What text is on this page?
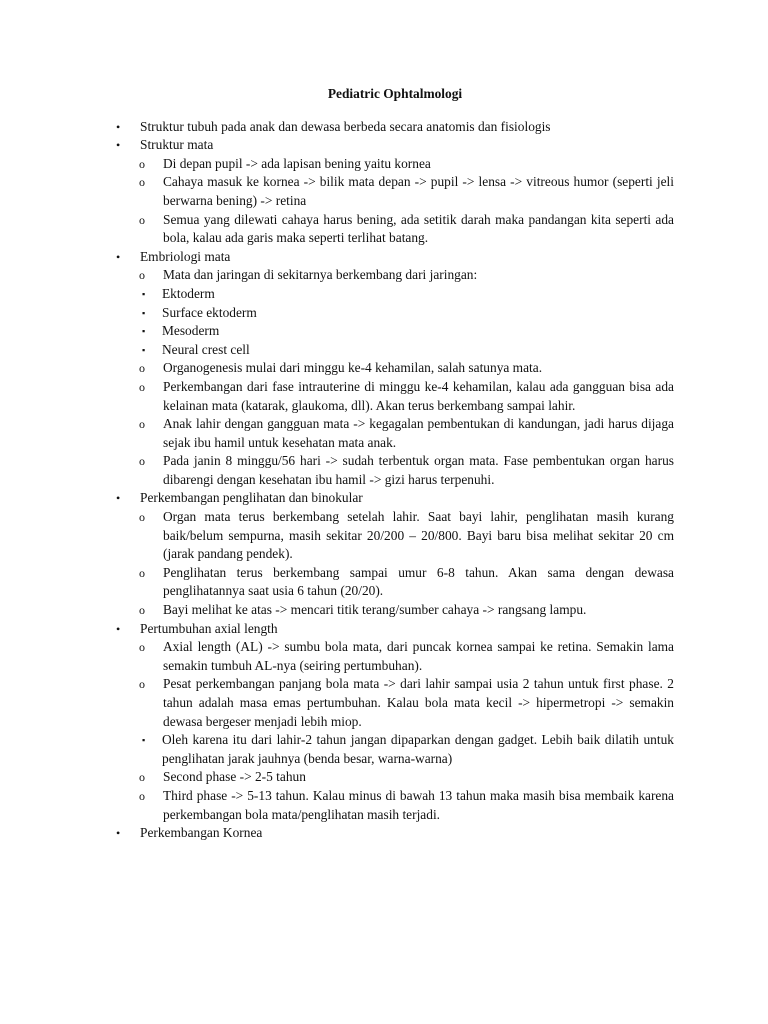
Pediatric Ophtalmologi
• Struktur tubuh pada anak dan dewasa berbeda secara anatomis dan fisiologis
• Struktur mata
o Di depan pupil -> ada lapisan bening yaitu kornea
o Cahaya masuk ke kornea -> bilik mata depan -> pupil -> lensa -> vitreous humor (seperti jeli berwarna bening) -> retina
o Semua yang dilewati cahaya harus bening, ada setitik darah maka pandangan kita seperti ada bola, kalau ada garis maka seperti terlihat batang.
• Embriologi mata
o Mata dan jaringan di sekitarnya berkembang dari jaringan:
▪ Ektoderm
▪ Surface ektoderm
▪ Mesoderm
▪ Neural crest cell
o Organogenesis mulai dari minggu ke-4 kehamilan, salah satunya mata.
o Perkembangan dari fase intrauterine di minggu ke-4 kehamilan, kalau ada gangguan bisa ada kelainan mata (katarak, glaukoma, dll). Akan terus berkembang sampai lahir.
o Anak lahir dengan gangguan mata -> kegagalan pembentukan di kandungan, jadi harus dijaga sejak ibu hamil untuk kesehatan mata anak.
o Pada janin 8 minggu/56 hari -> sudah terbentuk organ mata. Fase pembentukan organ harus dibarengi dengan kesehatan ibu hamil -> gizi harus terpenuhi.
• Perkembangan penglihatan dan binokular
o Organ mata terus berkembang setelah lahir. Saat bayi lahir, penglihatan masih kurang baik/belum sempurna, masih sekitar 20/200 – 20/800. Bayi baru bisa melihat sekitar 20 cm (jarak pandang pendek).
o Penglihatan terus berkembang sampai umur 6-8 tahun. Akan sama dengan dewasa penglihatannya saat usia 6 tahun (20/20).
o Bayi melihat ke atas -> mencari titik terang/sumber cahaya -> rangsang lampu.
• Pertumbuhan axial length
o Axial length (AL) -> sumbu bola mata, dari puncak kornea sampai ke retina. Semakin lama semakin tumbuh AL-nya (seiring pertumbuhan).
o Pesat perkembangan panjang bola mata -> dari lahir sampai usia 2 tahun untuk first phase. 2 tahun adalah masa emas pertumbuhan. Kalau bola mata kecil -> hipermetropi -> semakin dewasa bergeser menjadi lebih miop.
▪ Oleh karena itu dari lahir-2 tahun jangan dipaparkan dengan gadget. Lebih baik dilatih untuk penglihatan jarak jauhnya (benda besar, warna-warna)
o Second phase -> 2-5 tahun
o Third phase -> 5-13 tahun. Kalau minus di bawah 13 tahun maka masih bisa membaik karena perkembangan bola mata/penglihatan masih terjadi.
• Perkembangan Kornea
